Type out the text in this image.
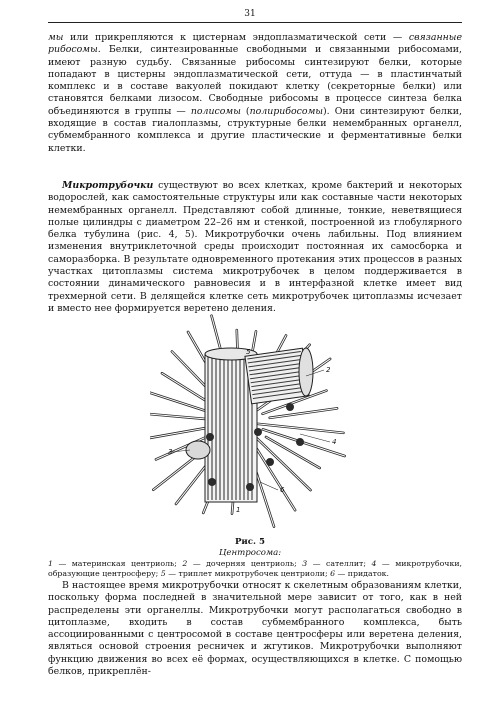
31

мы или прикрепляются к цистернам эндоплазматической сети — связанные рибосомы. Белки, синтезированные свободными и связанными рибосомами, имеют разную судьбу. Связанные рибосомы синтезируют белки, которые попадают в цистерны эндоплазматической сети, оттуда — в пластинчатый комплекс и в составе вакуолей покидают клетку (секреторные белки) или становятся белками лизосом. Свободные рибосомы в процессе синтеза белка объединяются в группы — полисомы (полирибосомы). Они синтезируют белки, входящие в состав гиалоплазмы, структурные белки немембранных органелл, субмембранного комплекса и другие пластические и ферментативные белки клетки.

Микротрубочки существуют во всех клетках, кроме бактерий и некоторых водорослей, как самостоятельные структуры или как составные части некоторых немембранных органелл. Представляют собой длинные, тонкие, неветвящиеся полые цилиндры с диаметром 22–26 нм и стенкой, построенной из глобулярного белка тубулина (рис. 4, 5). Микротрубочки очень лабильны. Под влиянием изменения внутриклеточной среды происходит постоянная их самосборка и саморазборка. В результате одновременного протекания этих процессов в разных участках цитоплазмы система микротрубочек в целом поддерживается в состоянии динамического равновесия и в интерфазной клетке имеет вид трехмерной сети. В делящейся клетке сеть микротрубочек цитоплазмы исчезает и вместо нее формируется веретено деления.

5
2
3
4
6
1
Рис. 5
Центросома:
1 — материнская центриоль; 2 — дочерняя центриоль; 3 — сателлит; 4 — микротрубочки, образующие центросферу; 5 — триплет микротрубочек центриоли; 6 — придаток.

В настоящее время микротрубочки относят к скелетным образованиям клетки, поскольку форма последней в значительной мере зависит от того, как в ней распределены эти органеллы. Микротрубочки могут располагаться свободно в цитоплазме, входить в состав субмембранного комплекса, быть ассоциированными с центросомой в составе центросферы или веретена деления, являться основой строения ресничек и жгутиков. Микротрубочки выполняют функцию движения во всех её формах, осуществляющихся в клетке. С помощью белков, прикреплён-
